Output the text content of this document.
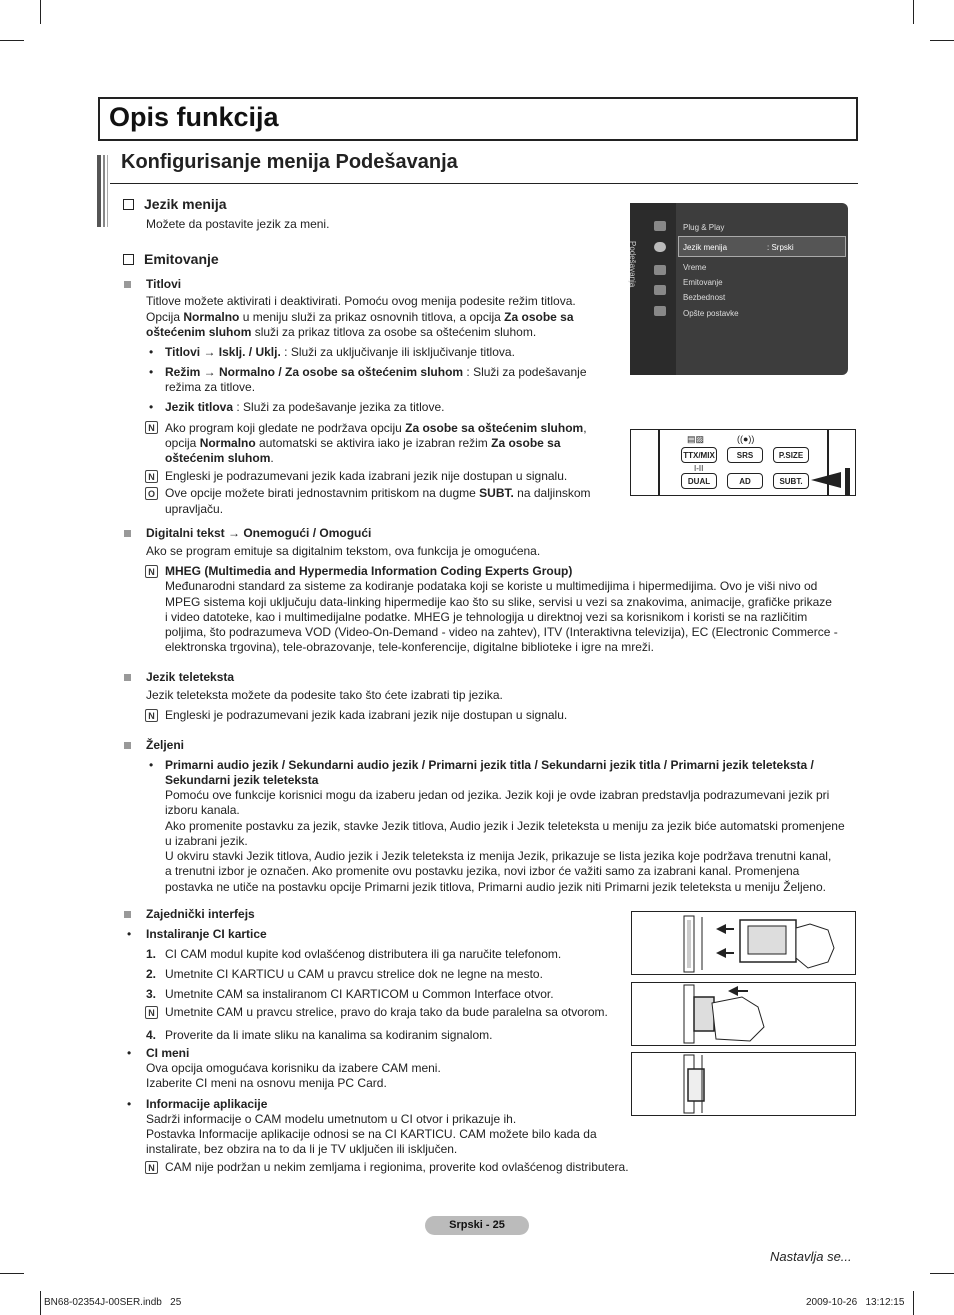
Opis funkcija
Konfigurisanje menija Podešavanja
Jezik menija
Možete da postavite jezik za meni.
Emitovanje
Titlovi
Titlove možete aktivirati i deaktivirati. Pomoću ovog menija podesite režim titlova.
Opcija Normalno u meniju služi za prikaz osnovnih titlova, a opcija Za osobe sa
oštećenim sluhom služi za prikaz titlova za osobe sa oštećenim sluhom.
• Titlovi → Isklj. / Uklj. : Služi za uključivanje ili isključivanje titlova.
• Režim → Normalno / Za osobe sa oštećenim sluhom : Služi za podešavanje
režima za titlove.
• Jezik titlova : Služi za podešavanje jezika za titlove.
N Ako program koji gledate ne podržava opciju Za osobe sa oštećenim sluhom,
opcija Normalno automatski se aktivira iako je izabran režim Za osobe sa
oštećenim sluhom.
N Engleski je podrazumevani jezik kada izabrani jezik nije dostupan u signalu.
O Ove opcije možete birati jednostavnim pritiskom na dugme SUBT. na daljinskom
upravljaču.
Podešavanja
Plug & Play
Jezik menija	: Srpski
Vreme
Emitovanje
Bezbednost
Opšte postavke
▤▨	((●))
TTX/MIX	SRS	P.SIZE
I-II
DUAL	AD	SUBT.
Digitalni tekst → Onemogući / Omogući
Ako se program emituje sa digitalnim tekstom, ova funkcija je omogućena.
N MHEG (Multimedia and Hypermedia Information Coding Experts Group)
Međunarodni standard za sisteme za kodiranje podataka koji se koriste u multimedijima i hipermedijima. Ovo je viši nivo od
MPEG sistema koji uključuju data-linking hipermedije kao što su slike, servisi u vezi sa znakovima, animacije, grafičke prikaze
i video datoteke, kao i multimedijalne podatke. MHEG je tehnologija u direktnoj vezi sa korisnikom i koristi se na različitim
poljima, što podrazumeva VOD (Video-On-Demand - video na zahtev), ITV (Interaktivna televizija), EC (Electronic Commerce -
elektronska trgovina), tele-obrazovanje, tele-konferencije, digitalne biblioteke i igre na mreži.
Jezik teleteksta
Jezik teleteksta možete da podesite tako što ćete izabrati tip jezika.
N Engleski je podrazumevani jezik kada izabrani jezik nije dostupan u signalu.
Željeni
• Primarni audio jezik / Sekundarni audio jezik / Primarni jezik titla / Sekundarni jezik titla / Primarni jezik teleteksta /
Sekundarni jezik teleteksta
Pomoću ove funkcije korisnici mogu da izaberu jedan od jezika. Jezik koji je ovde izabran predstavlja podrazumevani jezik pri
izboru kanala.
Ako promenite postavku za jezik, stavke Jezik titlova, Audio jezik i Jezik teleteksta u meniju za jezik biće automatski promenjene
u izabrani jezik.
U okviru stavki Jezik titlova, Audio jezik i Jezik teleteksta iz menija Jezik, prikazuje se lista jezika koje podržava trenutni kanal,
a trenutni izbor je označen. Ako promenite ovu postavku jezika, novi izbor će važiti samo za izabrani kanal. Promenjena
postavka ne utiče na postavku opcije Primarni jezik titlova, Primarni audio jezik niti Primarni jezik teleteksta u meniju Željeno.
Zajednički interfejs
• Instaliranje CI kartice
1. CI CAM modul kupite kod ovlašćenog distributera ili ga naručite telefonom.
2. Umetnite CI KARTICU u CAM u pravcu strelice dok ne legne na mesto.
3. Umetnite CAM sa instaliranom CI KARTICOM u Common Interface otvor.
N Umetnite CAM u pravcu strelice, pravo do kraja tako da bude paralelna sa otvorom.
4. Proverite da li imate sliku na kanalima sa kodiranim signalom.
• CI meni
Ova opcija omogućava korisniku da izabere CAM meni.
Izaberite CI meni na osnovu menija PC Card.
• Informacije aplikacije
Sadrži informacije o CAM modelu umetnutom u CI otvor i prikazuje ih.
Postavka Informacije aplikacije odnosi se na CI KARTICU. CAM možete bilo kada da
instalirate, bez obzira na to da li je TV uključen ili isključen.
N CAM nije podržan u nekim zemljama i regionima, proverite kod ovlašćenog distributera.
Srpski - 25
Nastavlja se...
BN68-02354J-00SER.indb   25	2009-10-26   13:12:15
